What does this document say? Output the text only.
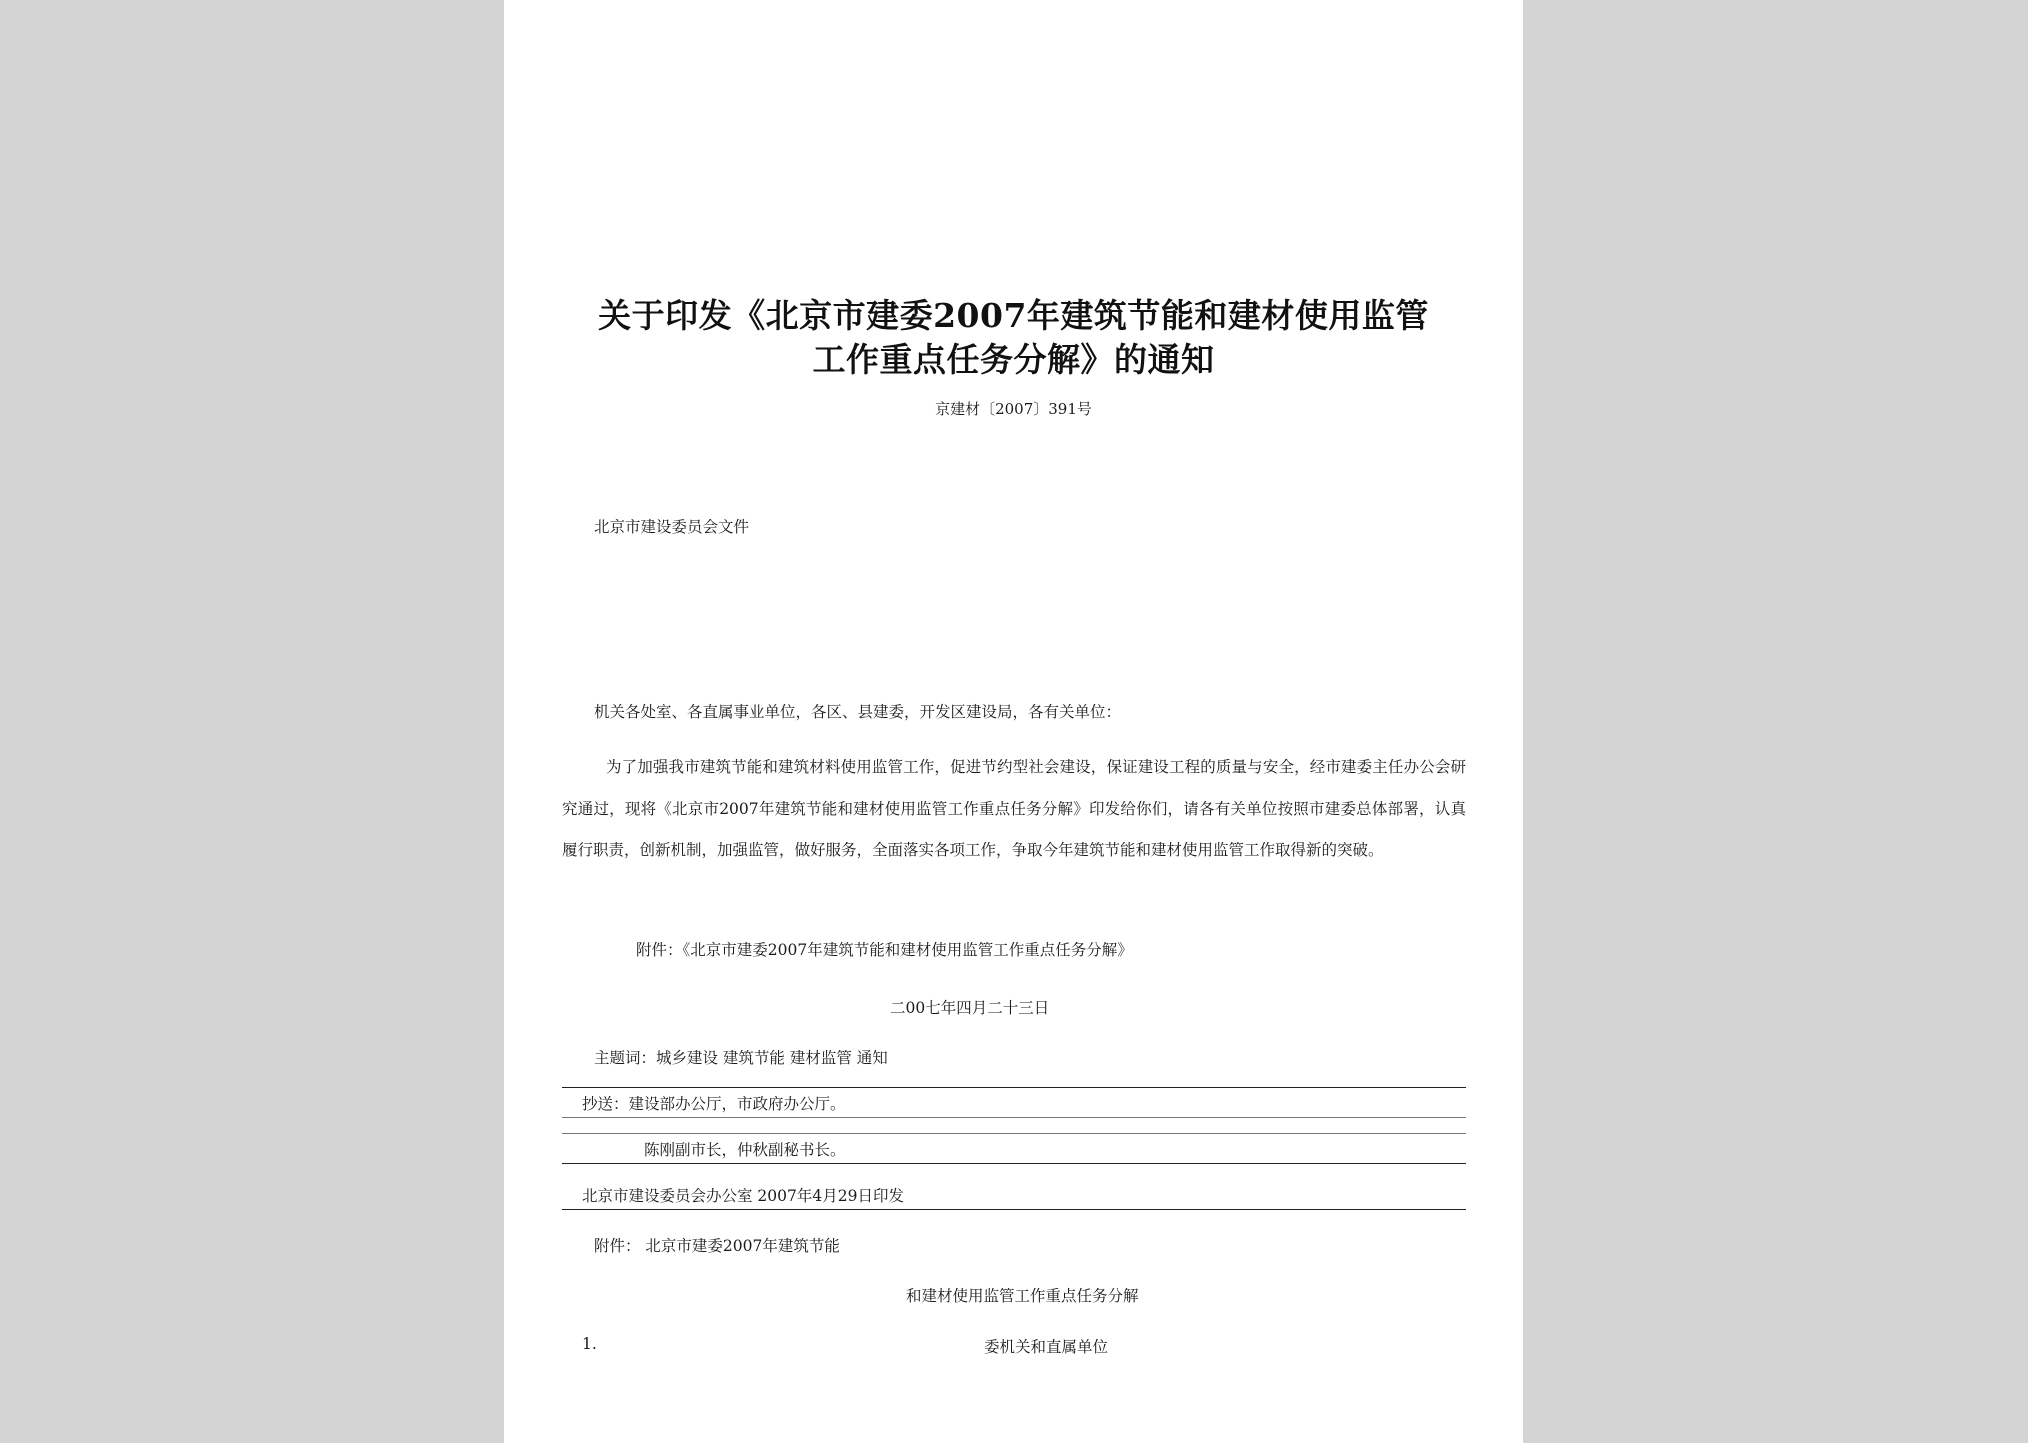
关于印发《北京市建委2007年建筑节能和建材使用监管
工作重点任务分解》的通知
京建材〔2007〕391号
北京市建设委员会文件
机关各处室、各直属事业单位，各区、县建委，开发区建设局，各有关单位：
为了加强我市建筑节能和建筑材料使用监管工作，促进节约型社会建设，保证建设工程的质量与安全，经市建委主任办公会研究通过，现将《北京市2007年建筑节能和建材使用监管工作重点任务分解》印发给你们，请各有关单位按照市建委总体部署，认真履行职责，创新机制，加强监管，做好服务，全面落实各项工作，争取今年建筑节能和建材使用监管工作取得新的突破。
附件：《北京市建委2007年建筑节能和建材使用监管工作重点任务分解》
二00七年四月二十三日
主题词：城乡建设 建筑节能 建材监管 通知
抄送：建设部办公厅，市政府办公厅。
陈刚副市长，仲秋副秘书长。
北京市建设委员会办公室 2007年4月29日印发
附件： 北京市建委2007年建筑节能
和建材使用监管工作重点任务分解
1.	委机关和直属单位
